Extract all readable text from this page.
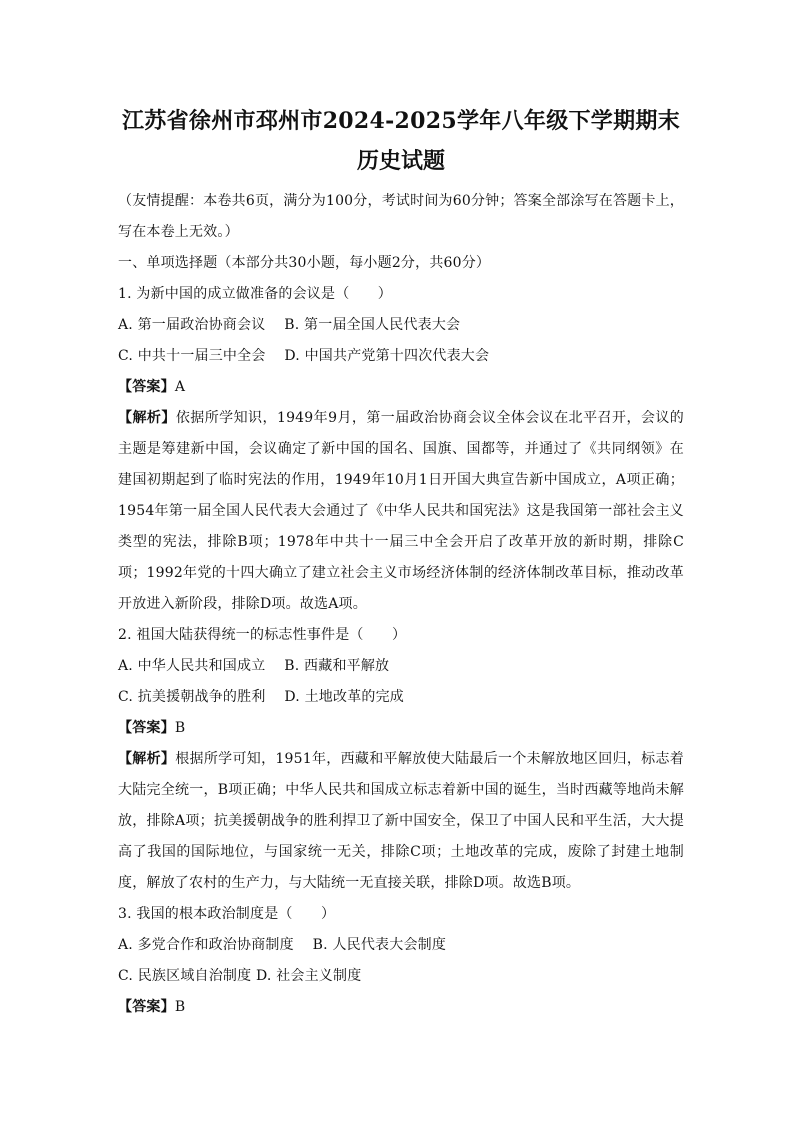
江苏省徐州市邳州市2024-2025学年八年级下学期期末
历史试题

（友情提醒：本卷共6页，满分为100分，考试时间为60分钟；答案全部涂写在答题卡上，写在本卷上无效。）

一、单项选择题（本部分共30小题，每小题2分，共60分）

1. 为新中国的成立做准备的会议是（　　）

A. 第一届政治协商会议　 B. 第一届全国人民代表大会

C. 中共十一届三中全会　 D. 中国共产党第十四次代表大会

【答案】A

【解析】依据所学知识，1949年9月，第一届政治协商会议全体会议在北平召开，会议的主题是筹建新中国，会议确定了新中国的国名、国旗、国都等，并通过了《共同纲领》在建国初期起到了临时宪法的作用，1949年10月1日开国大典宣告新中国成立，A项正确；1954年第一届全国人民代表大会通过了《中华人民共和国宪法》这是我国第一部社会主义类型的宪法，排除B项；1978年中共十一届三中全会开启了改革开放的新时期，排除C项；1992年党的十四大确立了建立社会主义市场经济体制的经济体制改革目标，推动改革开放进入新阶段，排除D项。故选A项。

2. 祖国大陆获得统一的标志性事件是（　　）

A. 中华人民共和国成立　 B. 西藏和平解放

C. 抗美援朝战争的胜利　 D. 土地改革的完成

【答案】B

【解析】根据所学可知，1951年，西藏和平解放使大陆最后一个未解放地区回归，标志着大陆完全统一，B项正确；中华人民共和国成立标志着新中国的诞生，当时西藏等地尚未解放，排除A项；抗美援朝战争的胜利捍卫了新中国安全，保卫了中国人民和平生活，大大提高了我国的国际地位，与国家统一无关，排除C项；土地改革的完成，废除了封建土地制度，解放了农村的生产力，与大陆统一无直接关联，排除D项。故选B项。

3. 我国的根本政治制度是（　　）

A. 多党合作和政治协商制度　 B. 人民代表大会制度

C. 民族区域自治制度 D. 社会主义制度

【答案】B
